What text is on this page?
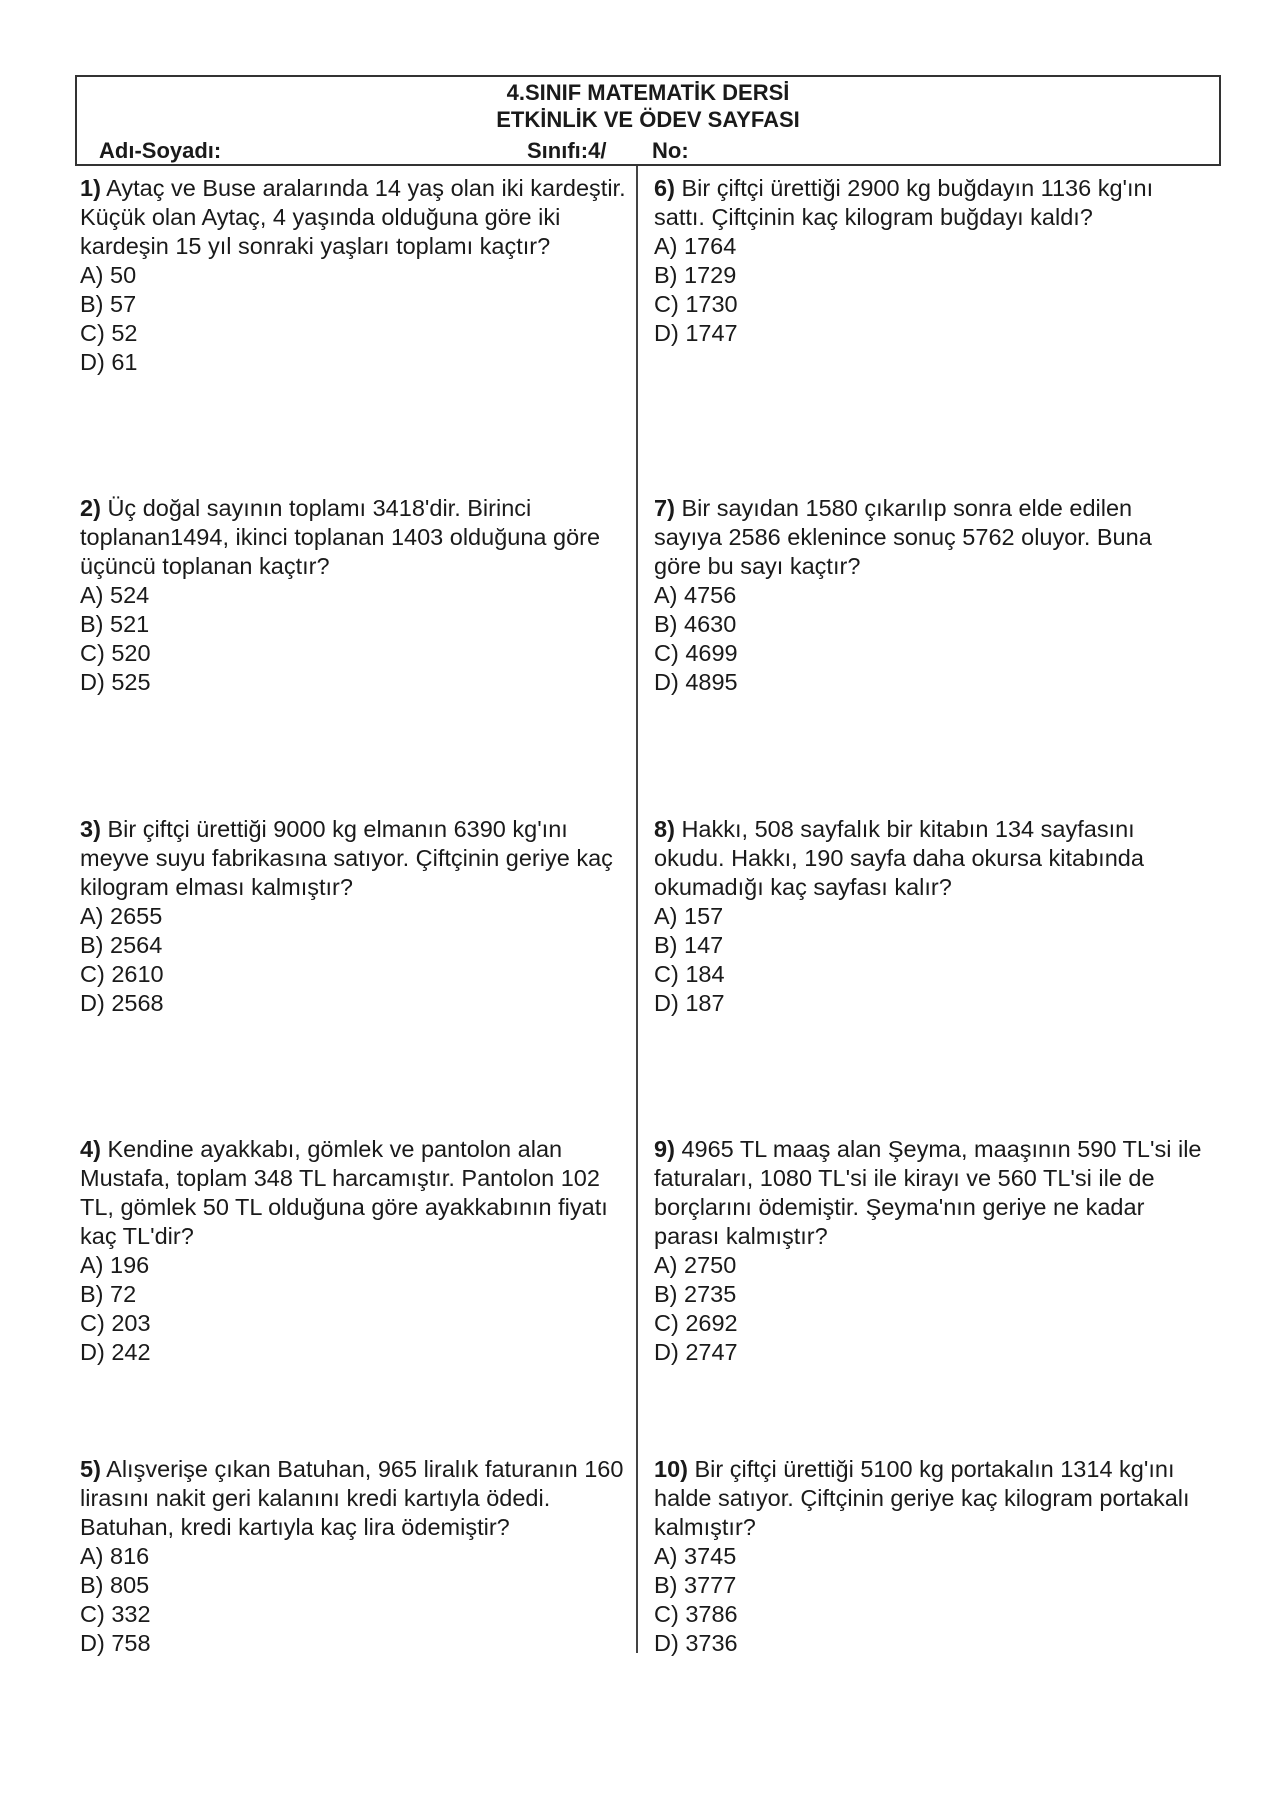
4.SINIF MATEMATİK DERSİ
ETKİNLİK VE ÖDEV SAYFASI
Adı-Soyadı:	Sınıfı:4/ No:
1) Aytaç ve Buse aralarında 14 yaş olan iki kardeştir. Küçük olan Aytaç, 4 yaşında olduğuna göre iki kardeşin 15 yıl sonraki yaşları toplamı kaçtır?
A) 50
B) 57
C) 52
D) 61
2) Üç doğal sayının toplamı 3418'dir. Birinci toplanan1494, ikinci toplanan 1403 olduğuna göre üçüncü toplanan kaçtır?
A) 524
B) 521
C) 520
D) 525
3) Bir çiftçi ürettiği 9000 kg elmanın 6390 kg'ını meyve suyu fabrikasına satıyor. Çiftçinin geriye kaç kilogram elması kalmıştır?
A) 2655
B) 2564
C) 2610
D) 2568
4) Kendine ayakkabı, gömlek ve pantolon alan Mustafa, toplam 348 TL harcamıştır. Pantolon 102 TL, gömlek 50 TL olduğuna göre ayakkabının fiyatı kaç TL'dir?
A) 196
B) 72
C) 203
D) 242
5) Alışverişe çıkan Batuhan, 965 liralık faturanın 160 lirasını nakit geri kalanını kredi kartıyla ödedi. Batuhan, kredi kartıyla kaç lira ödemiştir?
A) 816
B) 805
C) 332
D) 758
6) Bir çiftçi ürettiği 2900 kg buğdayın 1136 kg'ını sattı. Çiftçinin kaç kilogram buğdayı kaldı?
A) 1764
B) 1729
C) 1730
D) 1747
7) Bir sayıdan 1580 çıkarılıp sonra elde edilen sayıya 2586 eklenince sonuç 5762 oluyor. Buna göre bu sayı kaçtır?
A) 4756
B) 4630
C) 4699
D) 4895
8) Hakkı, 508 sayfalık bir kitabın 134 sayfasını okudu. Hakkı, 190 sayfa daha okursa kitabında okumadığı kaç sayfası kalır?
A) 157
B) 147
C) 184
D) 187
9) 4965 TL maaş alan Şeyma, maaşının 590 TL'si ile faturaları, 1080 TL'si ile kirayı ve 560 TL'si ile de borçlarını ödemiştir. Şeyma'nın geriye ne kadar parası kalmıştır?
A) 2750
B) 2735
C) 2692
D) 2747
10) Bir çiftçi ürettiği 5100 kg portakalın 1314 kg'ını halde satıyor. Çiftçinin geriye kaç kilogram portakalı kalmıştır?
A) 3745
B) 3777
C) 3786
D) 3736
